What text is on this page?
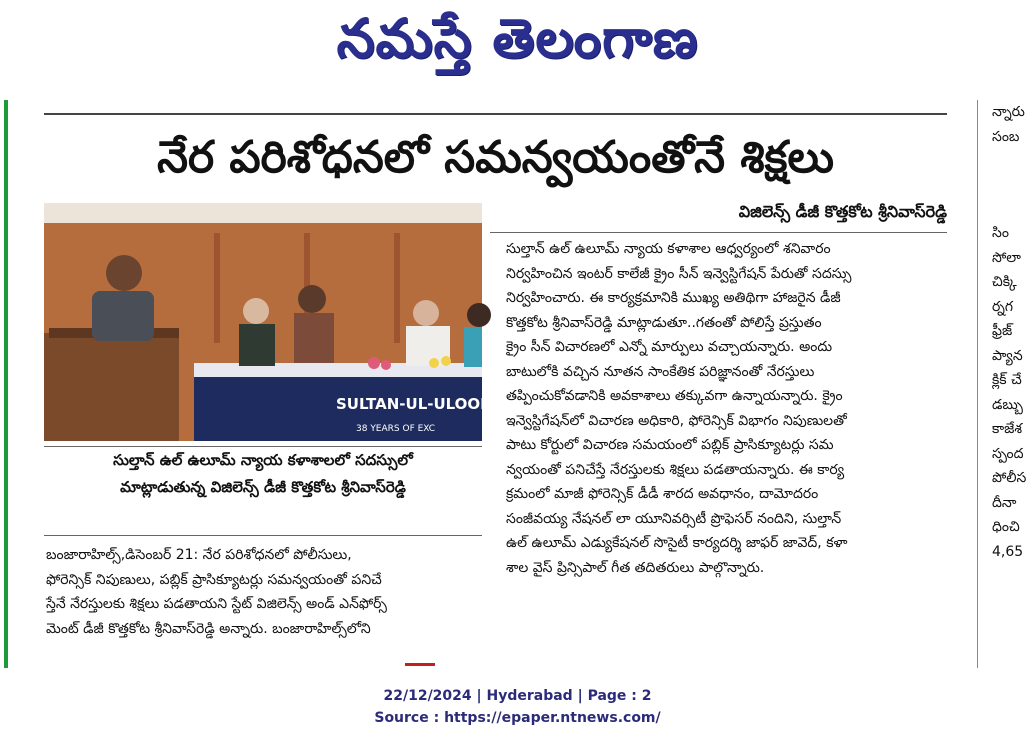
నమస్తే తెలంగాణ
నేర పరిశోధనలో సమన్వయంతోనే శిక్షలు
విజిలెన్స్ డీజీ కొత్తకోట శ్రీనివాస్‌రెడ్డి
SULTAN-UL-ULOOM CO
38 YEARS OF EXC
సుల్తాన్ ఉల్ ఉలూమ్ న్యాయ కళాశాలలో సదస్సులో
మాట్లాడుతున్న విజిలెన్స్ డీజీ కొత్తకోట శ్రీనివాస్‌రెడ్డి
బంజారాహిల్స్,డిసెంబర్ 21: నేర పరిశోధనలో పోలీసులు,
ఫోరెన్సిక్ నిపుణులు, పబ్లిక్ ప్రాసిక్యూటర్లు సమన్వయంతో పనిచే
స్తేనే నేరస్తులకు శిక్షలు పడతాయని స్టేట్ విజిలెన్స్ అండ్ ఎన్‌ఫోర్స్
మెంట్ డీజీ కొత్తకోట శ్రీనివాస్‌రెడ్డి అన్నారు. బంజారాహిల్స్‌లోని
సుల్తాన్ ఉల్ ఉలూమ్ న్యాయ కళాశాల ఆధ్వర్యంలో శనివారం
నిర్వహించిన ఇంటర్ కాలేజీ క్రైం సీన్ ఇన్వెస్టిగేషన్ పేరుతో సదస్సు
నిర్వహించారు. ఈ కార్యక్రమానికి ముఖ్య అతిథిగా హాజరైన డీజీ
కొత్తకోట శ్రీనివాస్‌రెడ్డి మాట్లాడుతూ..గతంతో పోలిస్తే ప్రస్తుతం
క్రైం సీన్ విచారణలో ఎన్నో మార్పులు వచ్చాయన్నారు. అందు
బాటులోకి వచ్చిన నూతన సాంకేతిక పరిజ్ఞానంతో నేరస్తులు
తప్పించుకోవడానికి అవకాశాలు తక్కువగా ఉన్నాయన్నారు. క్రైం
ఇన్వెస్టిగేషన్‌లో విచారణ అధికారి, ఫోరెన్సిక్ విభాగం నిపుణులతో
పాటు కోర్టులో విచారణ సమయంలో పబ్లిక్ ప్రాసిక్యూటర్లు సమ
న్వయంతో పనిచేస్తే నేరస్తులకు శిక్షలు పడతాయన్నారు. ఈ కార్య
క్రమంలో మాజీ ఫోరెన్సిక్ డీడీ శారద అవధానం, దామోదరం
సంజీవయ్య నేషనల్ లా యూనివర్సిటీ ప్రొఫెసర్ నందిని, సుల్తాన్
ఉల్ ఉలూమ్ ఎడ్యుకేషనల్ సొసైటీ కార్యదర్శి జాఫర్ జావెద్, కళా
శాల వైస్ ప్రిన్సిపాల్ గీత తదితరులు పాల్గొన్నారు.
న్నారు
సంబ
సిం
సోలా
చిక్కి
ర్నగ
ఫ్రీజ్
ప్యాన
క్లిక్ చే
డబ్బు
కాజేశ
స్పంద
పోలీస
దీనా
ధించి
4,65
22/12/2024 | Hyderabad | Page : 2
Source : https://epaper.ntnews.com/
